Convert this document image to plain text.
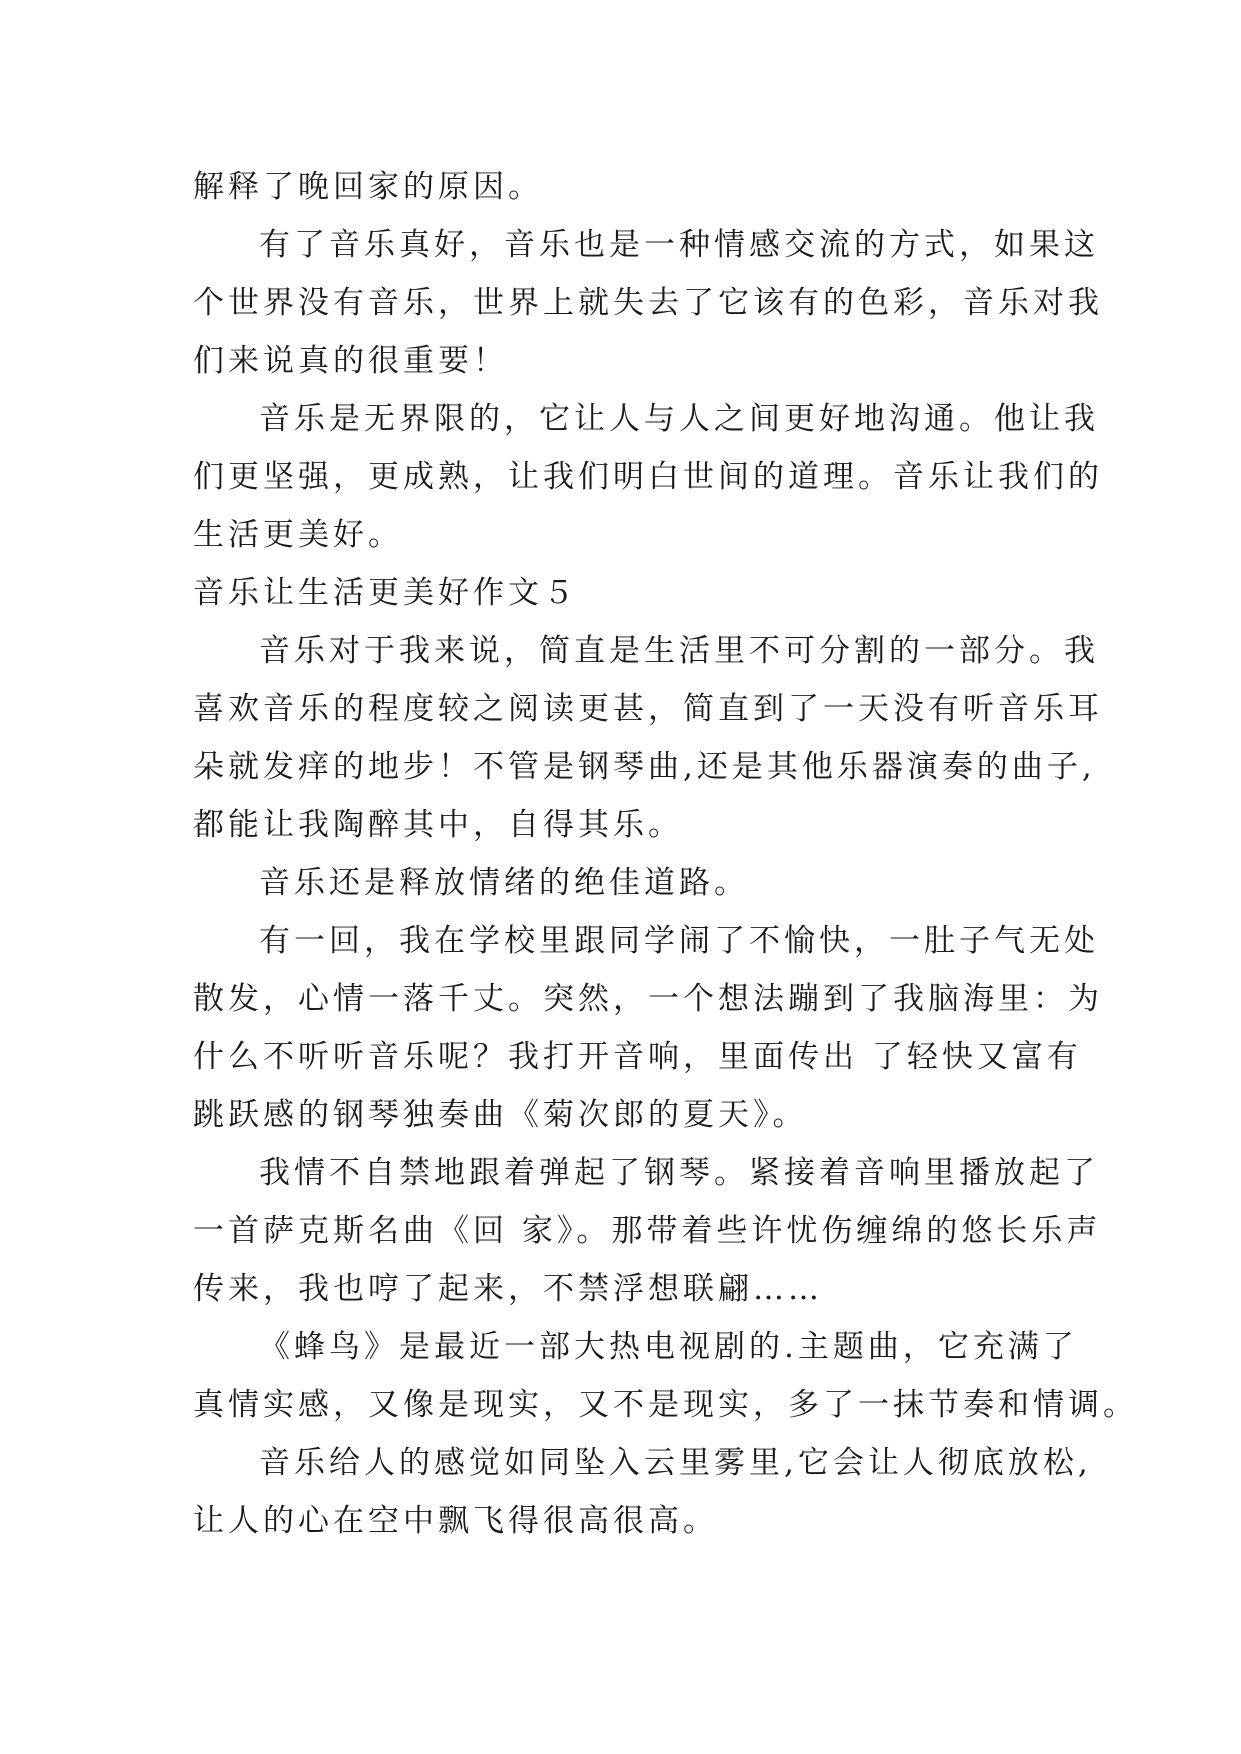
解释了晚回家的原因。

有了音乐真好，音乐也是一种情感交流的方式，如果这

个世界没有音乐，世界上就失去了它该有的色彩，音乐对我

们来说真的很重要！

音乐是无界限的，它让人与人之间更好地沟通。他让我

们更坚强，更成熟，让我们明白世间的道理。音乐让我们的

生活更美好。

音乐让生活更美好作文５

音乐对于我来说，简直是生活里不可分割的一部分。我

喜欢音乐的程度较之阅读更甚，简直到了一天没有听音乐耳

朵就发痒的地步！不管是钢琴曲,还是其他乐器演奏的曲子,

都能让我陶醉其中，自得其乐。

音乐还是释放情绪的绝佳道路。

有一回，我在学校里跟同学闹了不愉快，一肚子气无处

散发，心情一落千丈。突然，一个想法蹦到了我脑海里：为

什么不听听音乐呢？我打开音响，里面传出 了轻快又富有

跳跃感的钢琴独奏曲《菊次郎的夏天》。

我情不自禁地跟着弹起了钢琴。紧接着音响里播放起了

一首萨克斯名曲《回 家》。那带着些许忧伤缠绵的悠长乐声

传来，我也哼了起来，不禁浮想联翩……

《蜂鸟》是最近一部大热电视剧的.主题曲，它充满了

真情实感，又像是现实，又不是现实，多了一抹节奏和情调。

音乐给人的感觉如同坠入云里雾里,它会让人彻底放松,

让人的心在空中飘飞得很高很高。
